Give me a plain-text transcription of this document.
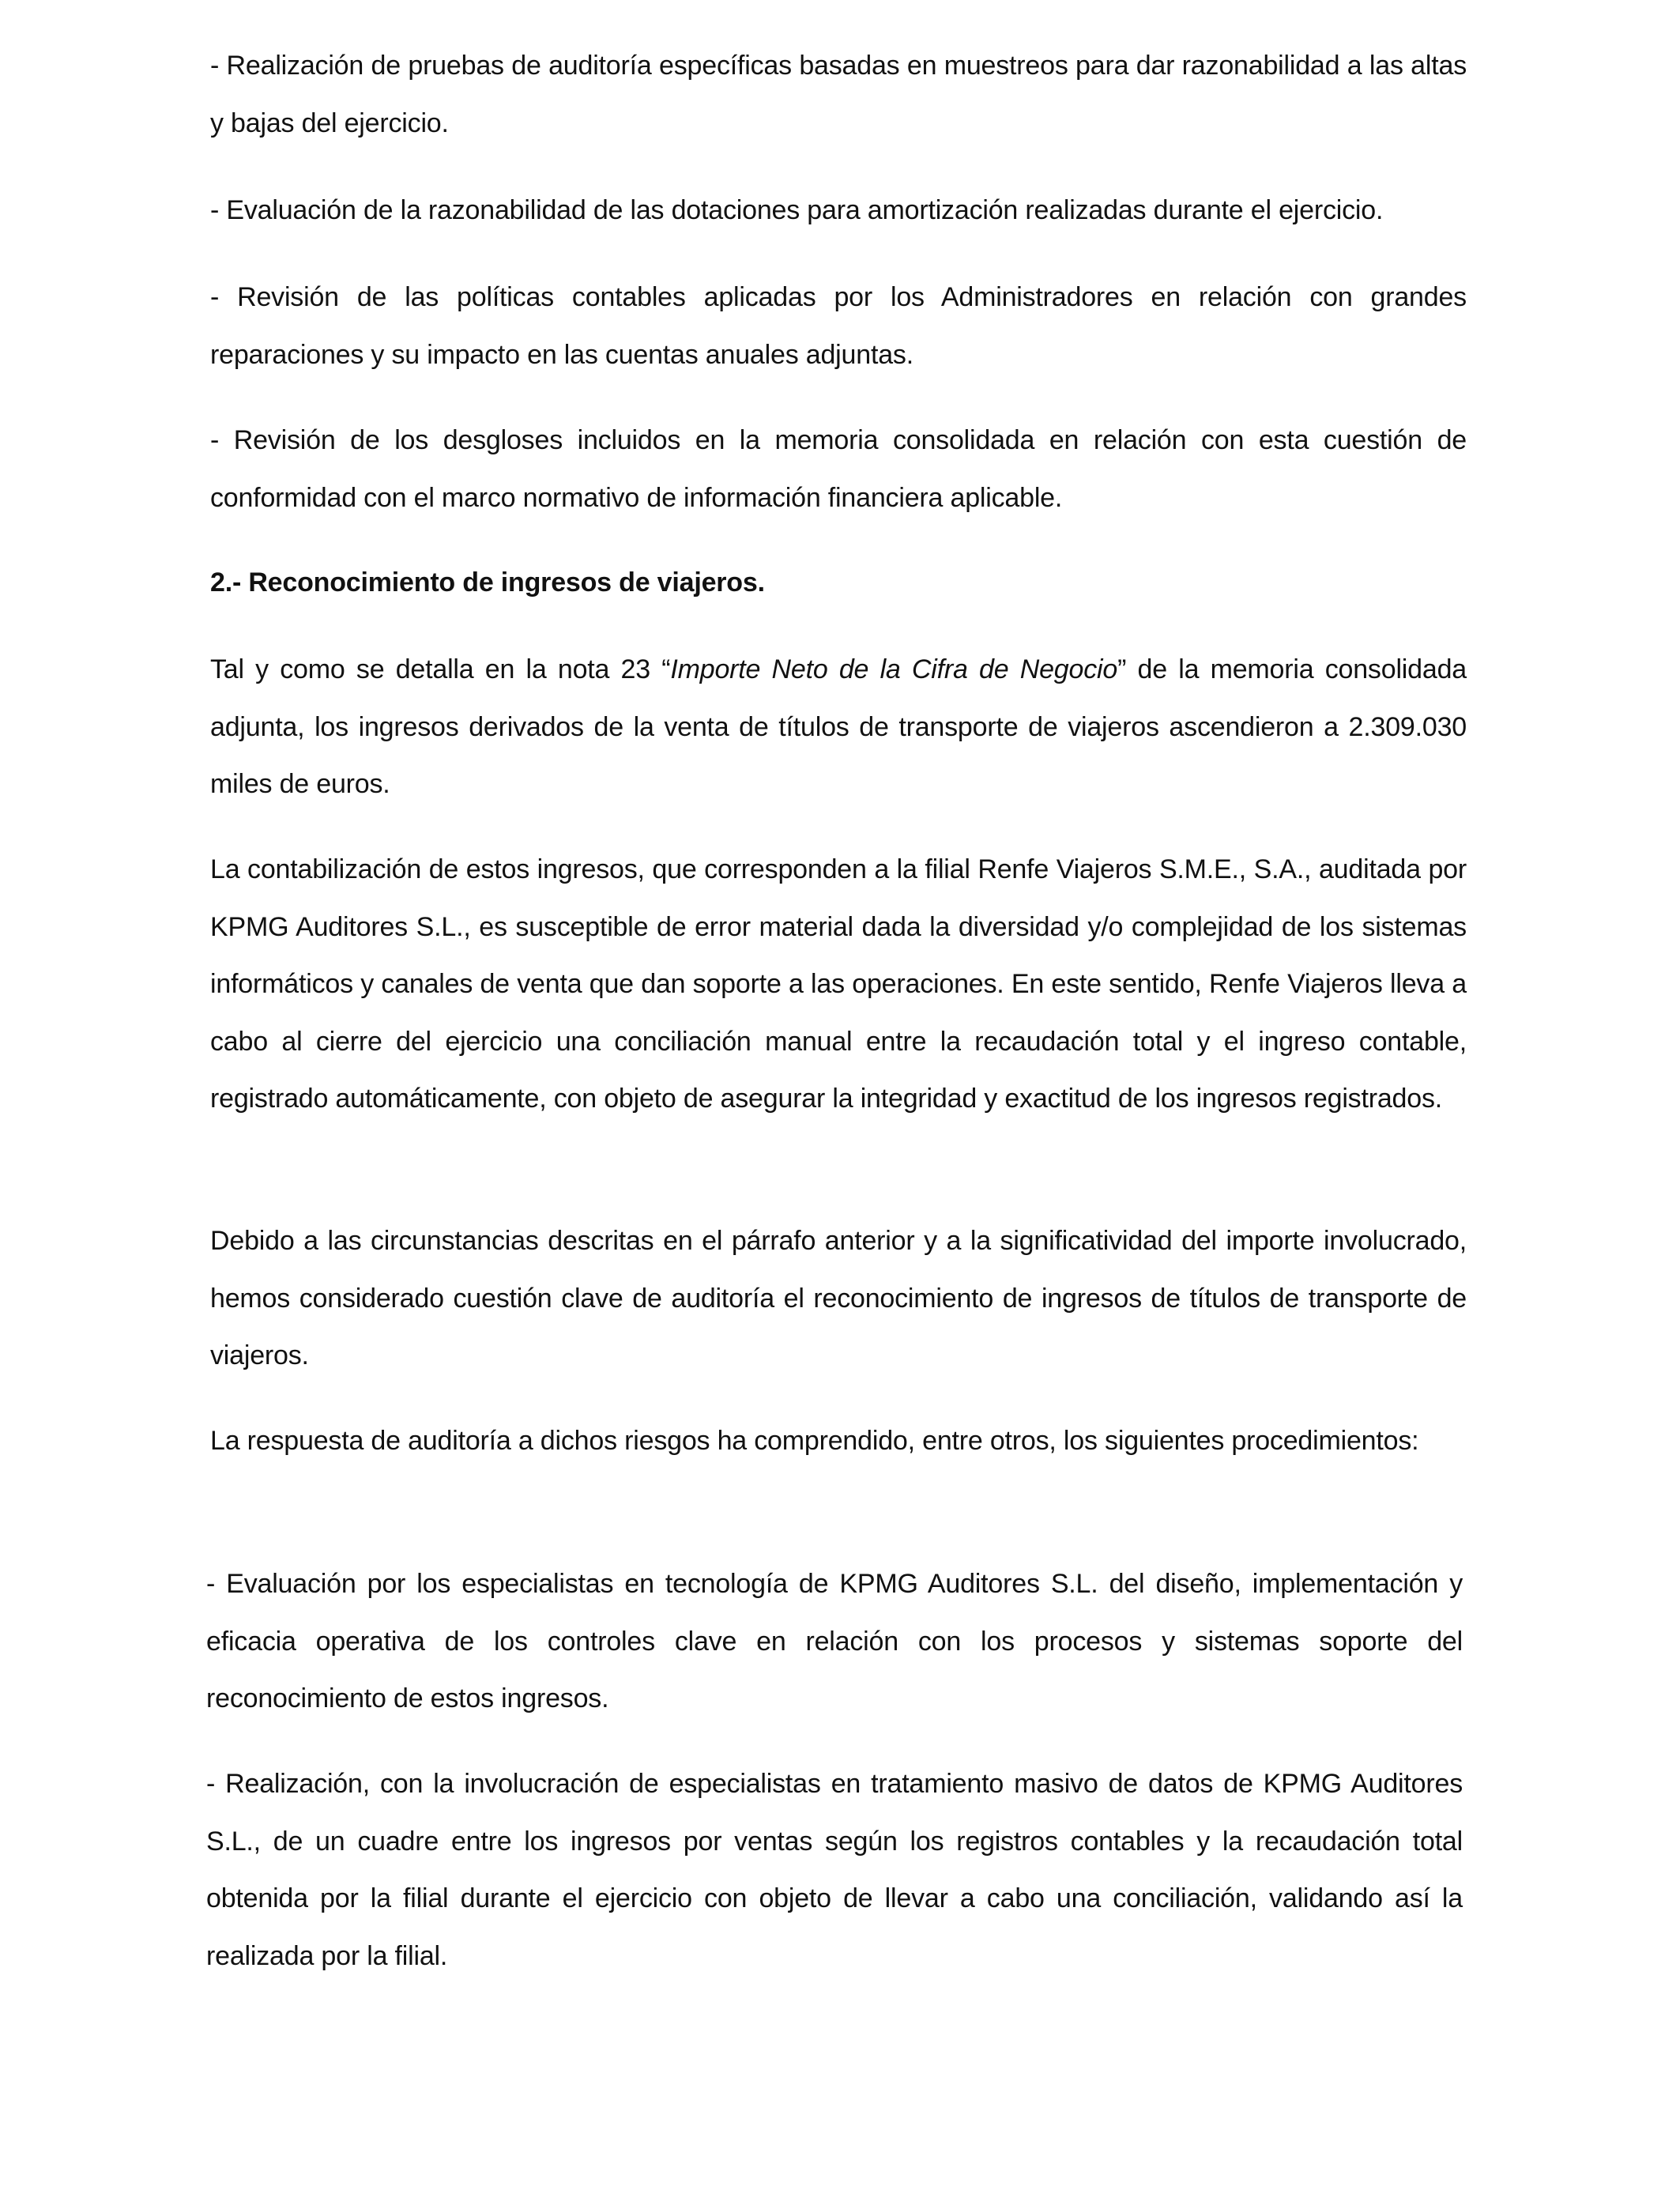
- Realización de pruebas de auditoría específicas basadas en muestreos para dar razonabilidad a las altas y bajas del ejercicio.

- Evaluación de la razonabilidad de las dotaciones para amortización realizadas durante el ejercicio.

- Revisión de las políticas contables aplicadas por los Administradores en relación con grandes reparaciones y su impacto en las cuentas anuales adjuntas.

- Revisión de los desgloses incluidos en la memoria consolidada en relación con esta cuestión de conformidad con el marco normativo de información financiera aplicable.

2.- Reconocimiento de ingresos de viajeros.

Tal y como se detalla en la nota 23 “Importe Neto de la Cifra de Negocio” de la memoria consolidada adjunta, los ingresos derivados de la venta de títulos de transporte de viajeros ascendieron a 2.309.030 miles de euros.

La contabilización de estos ingresos, que corresponden a la filial Renfe Viajeros S.M.E., S.A., auditada por KPMG Auditores S.L., es susceptible de error material dada la diversidad y/o complejidad de los sistemas informáticos y canales de venta que dan soporte a las operaciones. En este sentido, Renfe Viajeros lleva a cabo al cierre del ejercicio una conciliación manual entre la recaudación total y el ingreso contable, registrado automáticamente, con objeto de asegurar la integridad y exactitud de los ingresos registrados.

Debido a las circunstancias descritas en el párrafo anterior y a la significatividad del importe involucrado, hemos considerado cuestión clave de auditoría el reconocimiento de ingresos de títulos de transporte de viajeros.

La respuesta de auditoría a dichos riesgos ha comprendido, entre otros, los siguientes procedimientos:

- Evaluación por los especialistas en tecnología de KPMG Auditores S.L. del diseño, implementación y eficacia operativa de los controles clave en relación con los procesos y sistemas soporte del reconocimiento de estos ingresos.

- Realización, con la involucración de especialistas en tratamiento masivo de datos de KPMG Auditores S.L., de un cuadre entre los ingresos por ventas según los registros contables y la recaudación total obtenida por la filial durante el ejercicio con objeto de llevar a cabo una conciliación, validando así la realizada por la filial.
